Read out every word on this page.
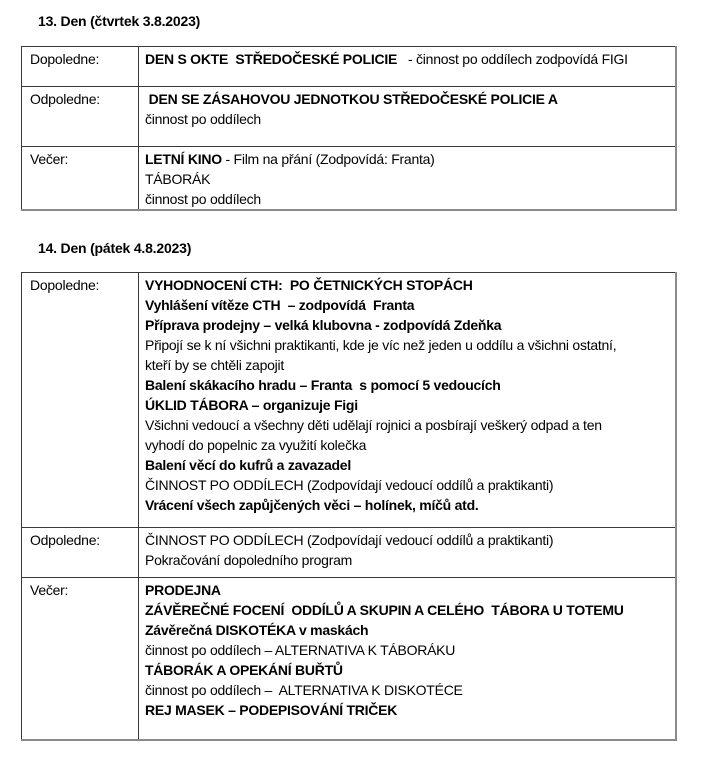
13. Den (čtvrtek 3.8.2023)
Dopoledne:	DEN S OKTE  STŘEDOČESKÉ POLICIE   - činnost po oddílech zodpovídá FIGI

Odpoledne:	DEN SE ZÁSAHOVOU JEDNOTKOU STŘEDOČESKÉ POLICIE A
činnost po oddílech

Večer:	LETNÍ KINO - Film na přání (Zodpovídá: Franta)
TÁBORÁK
činnost po oddílech
14. Den (pátek 4.8.2023)
Dopoledne:	VYHODNOCENÍ CTH:  PO ČETNICKÝCH STOPÁCH
Vyhlášení vítěze CTH  – zodpovídá  Franta
Příprava prodejny – velká klubovna - zodpovídá Zdeňka
Připojí se k ní všichni praktikanti, kde je víc než jeden u oddílu a všichni ostatní,
kteří by se chtěli zapojit
Balení skákacího hradu – Franta  s pomocí 5 vedoucích
ÚKLID TÁBORA – organizuje Figi
Všichni vedoucí a všechny děti udělají rojnici a posbírají veškerý odpad a ten
vyhodí do popelnic za využití kolečka
Balení věcí do kufrů a zavazadel
ČINNOST PO ODDÍLECH (Zodpovídají vedoucí oddílů a praktikanti)
Vrácení všech zapůjčených věci – holínek, míčů atd.

Odpoledne:	ČINNOST PO ODDÍLECH (Zodpovídají vedoucí oddílů a praktikanti)
Pokračování dopoledního program

Večer:	PRODEJNA
ZÁVĚREČNÉ FOCENÍ  ODDÍLŮ A SKUPIN A CELÉHO  TÁBORA U TOTEMU
Závěrečná DISKOTÉKA v maskách
činnost po oddílech – ALTERNATIVA K TÁBORÁKU
TÁBORÁK A OPEKÁNÍ BUŘTŮ
činnost po oddílech –  ALTERNATIVA K DISKOTÉCE
REJ MASEK – PODEPISOVÁNÍ TRIČEK
